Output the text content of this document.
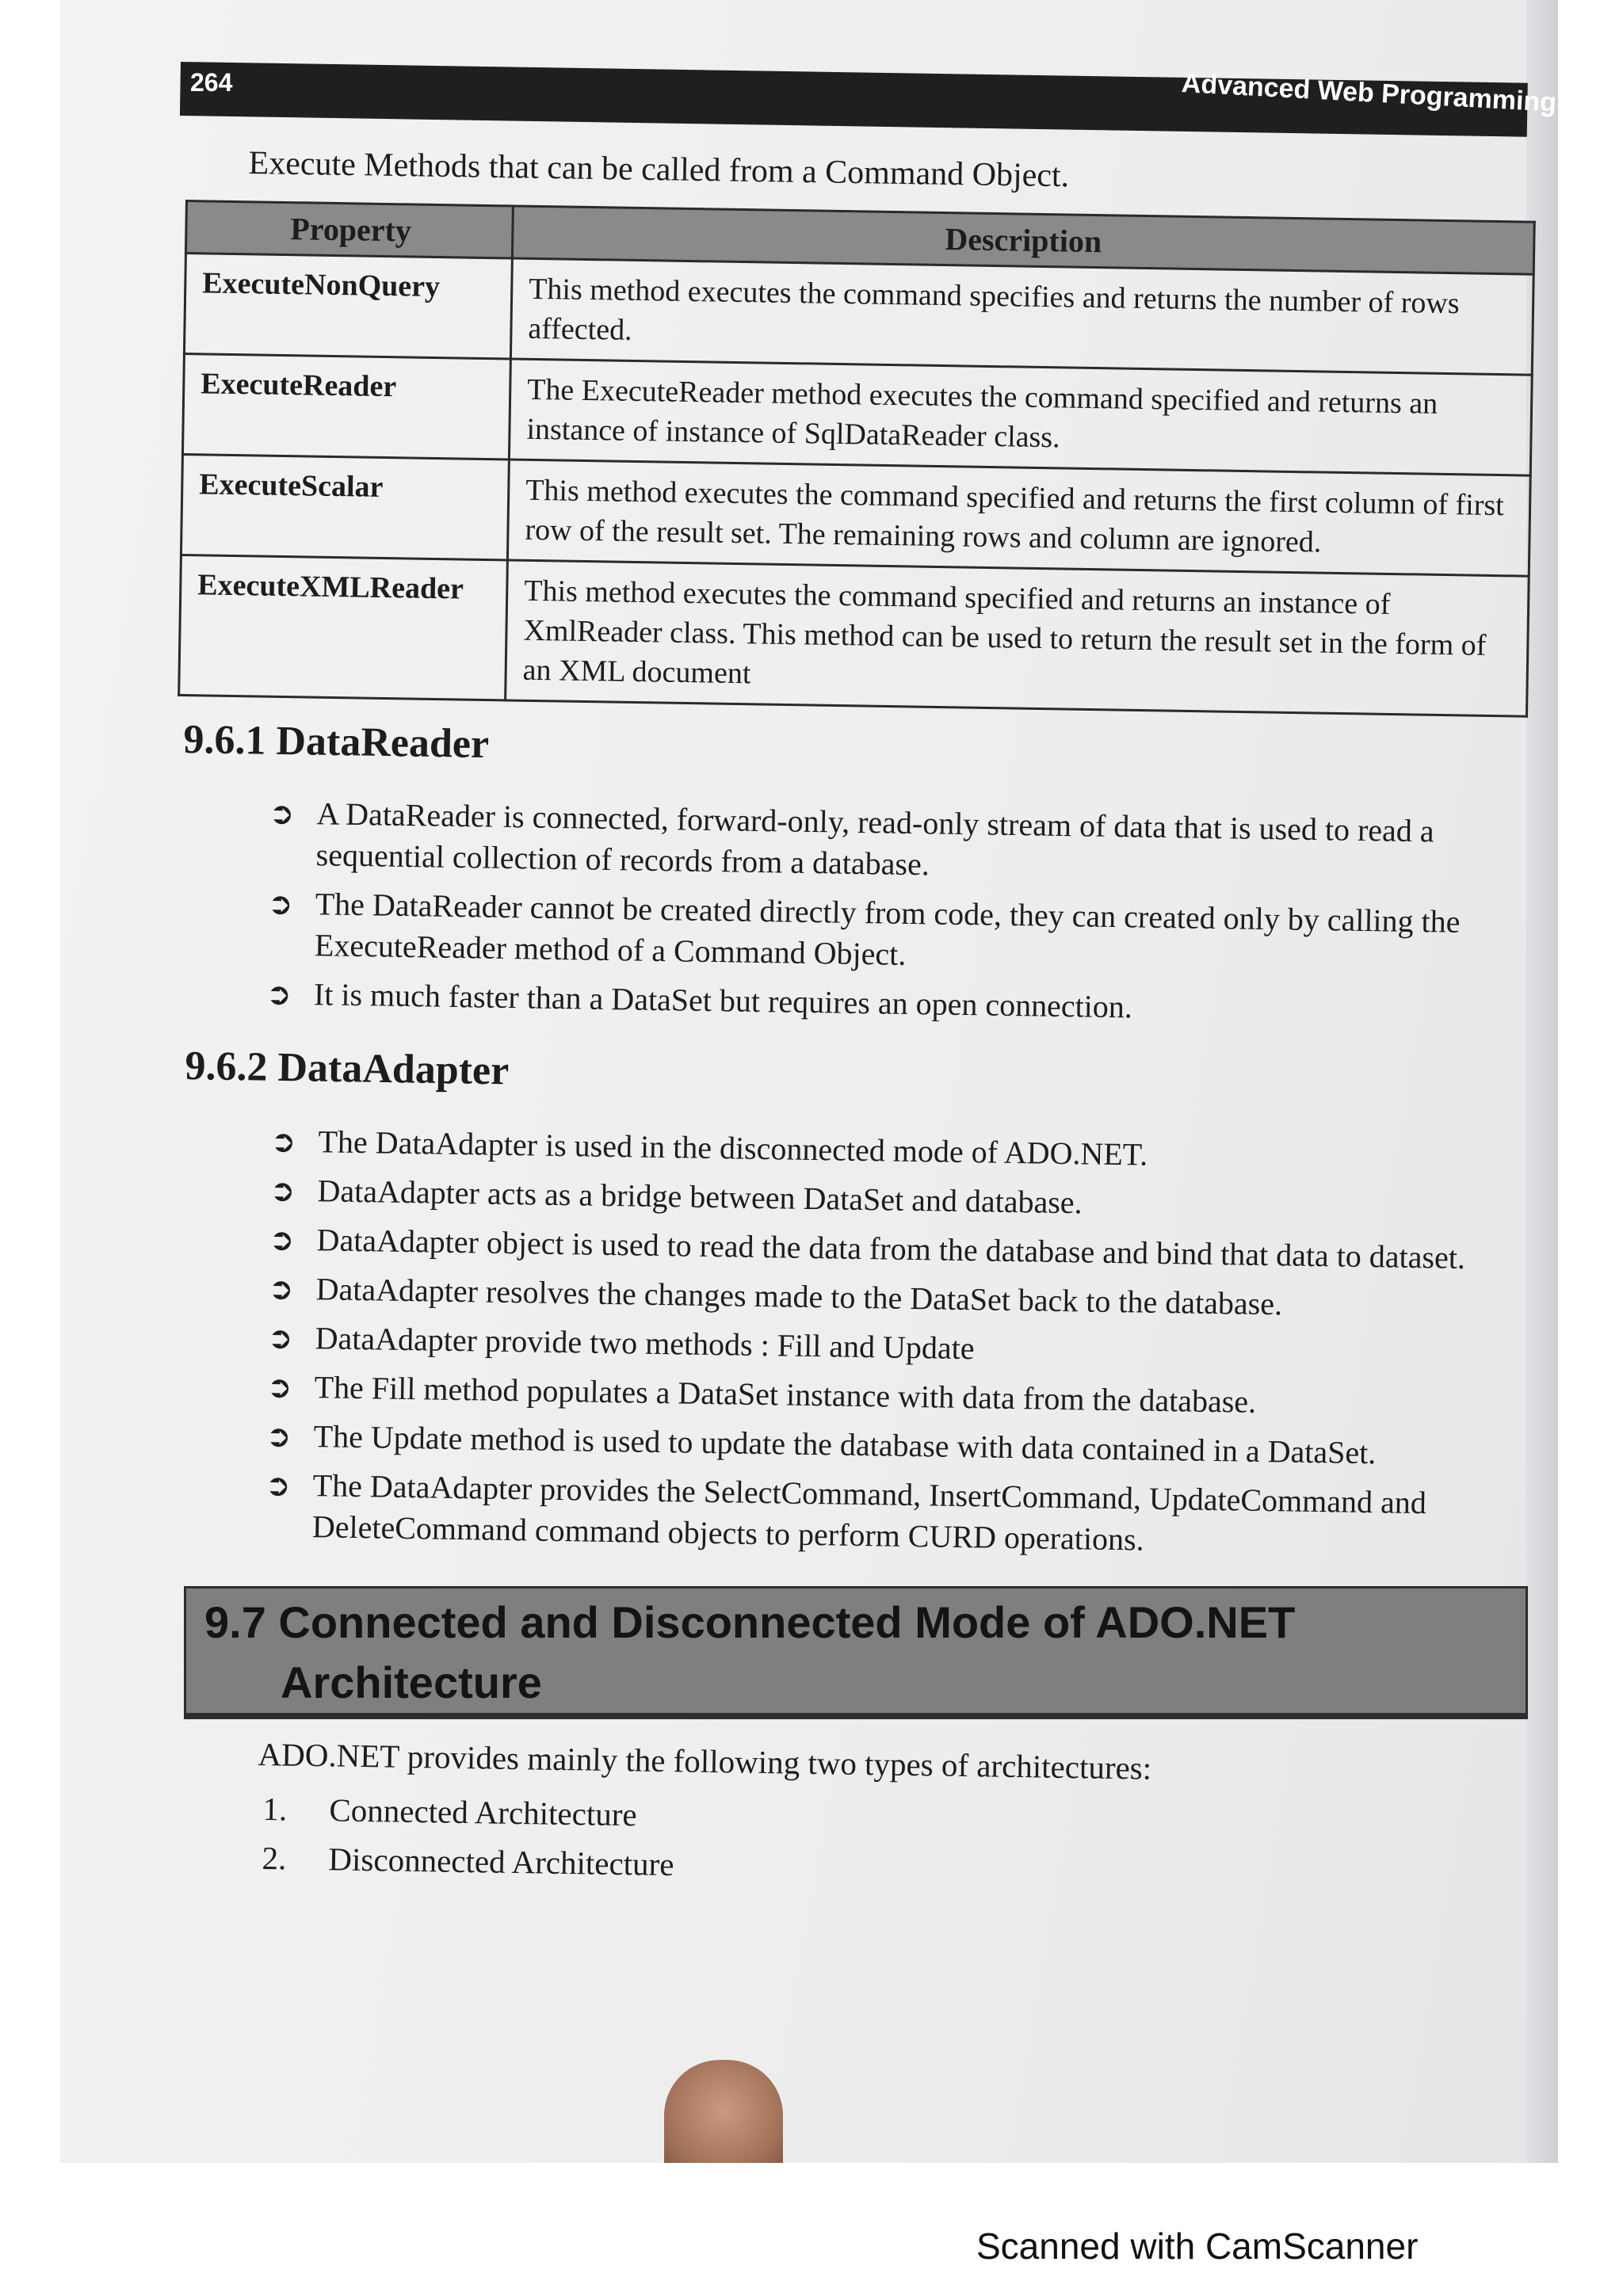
264	Advanced Web Programming
Execute Methods that can be called from a Command Object.
Property	Description
ExecuteNonQuery	This method executes the command specifies and returns the number of rows affected.
ExecuteReader	The ExecuteReader method executes the command specified and returns an instance of instance of SqlDataReader class.
ExecuteScalar	This method executes the command specified and returns the first column of first row of the result set. The remaining rows and column are ignored.
ExecuteXMLReader	This method executes the command specified and returns an instance of XmlReader class. This method can be used to return the result set in the form of an XML document
9.6.1 DataReader
➲ A DataReader is connected, forward-only, read-only stream of data that is used to read a sequential collection of records from a database.
➲ The DataReader cannot be created directly from code, they can created only by calling the ExecuteReader method of a Command Object.
➲ It is much faster than a DataSet but requires an open connection.
9.6.2 DataAdapter
➲ The DataAdapter is used in the disconnected mode of ADO.NET.
➲ DataAdapter acts as a bridge between DataSet and database.
➲ DataAdapter object is used to read the data from the database and bind that data to dataset.
➲ DataAdapter resolves the changes made to the DataSet back to the database.
➲ DataAdapter provide two methods : Fill and Update
➲ The Fill method populates a DataSet instance with data from the database.
➲ The Update method is used to update the database with data contained in a DataSet.
➲ The DataAdapter provides the SelectCommand, InsertCommand, UpdateCommand and DeleteCommand command objects to perform CURD operations.
9.7 Connected and Disconnected Mode of ADO.NET
Architecture
ADO.NET provides mainly the following two types of architectures:
1.	Connected Architecture
2.	Disconnected Architecture
Scanned with CamScanner
